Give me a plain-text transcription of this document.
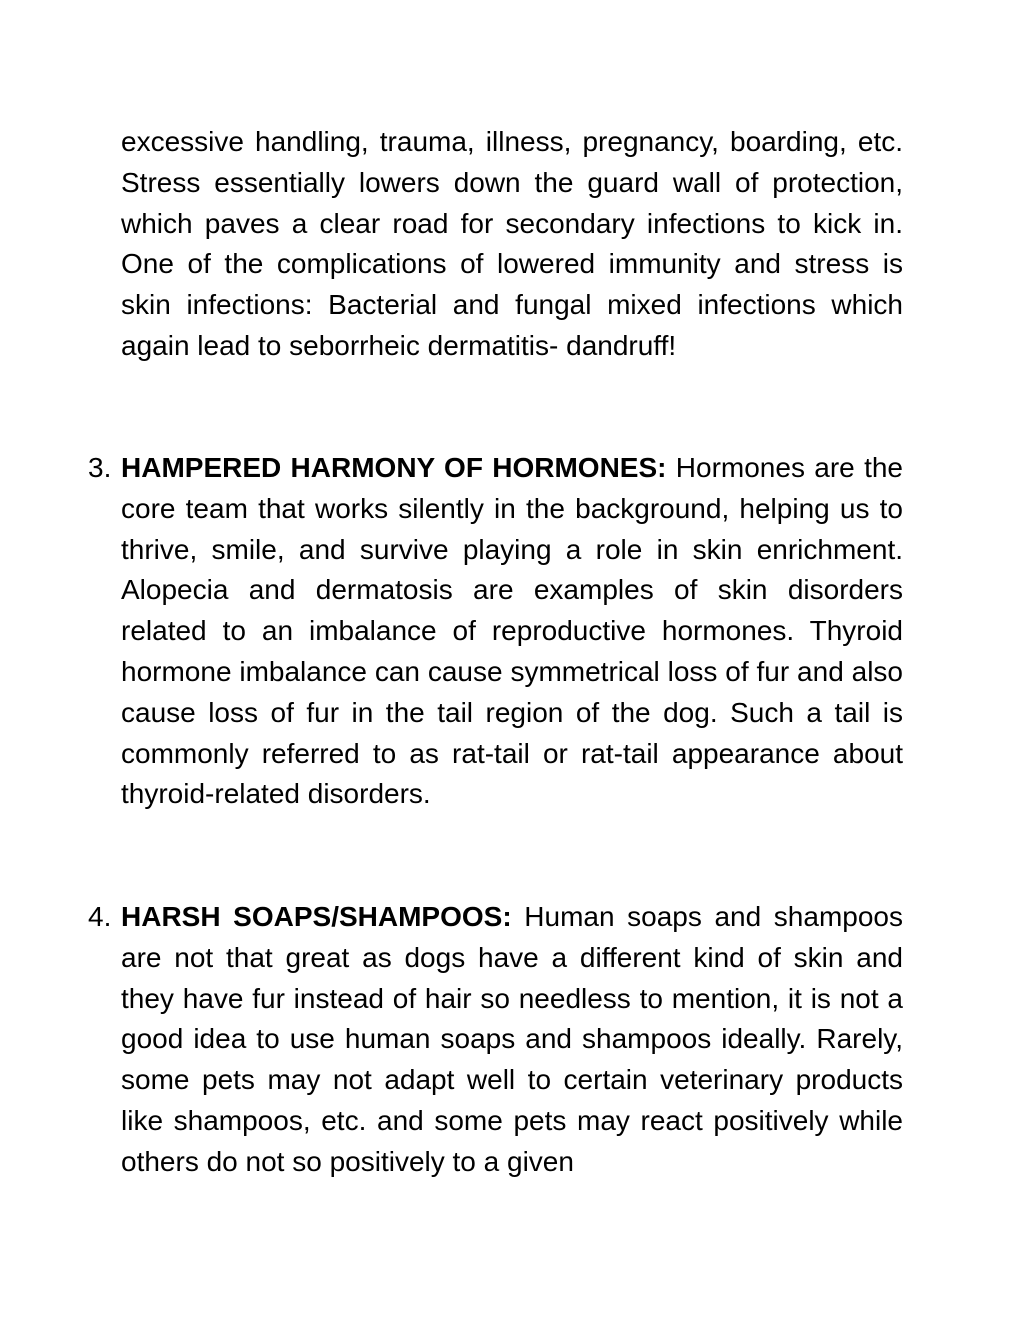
excessive handling, trauma, illness, pregnancy, boarding, etc. Stress essentially lowers down the guard wall of protection, which paves a clear road for secondary infections to kick in. One of the complications of lowered immunity and stress is skin infections: Bacterial and fungal mixed infections which again lead to seborrheic dermatitis- dandruff!

3. HAMPERED HARMONY OF HORMONES: Hormones are the core team that works silently in the background, helping us to thrive, smile, and survive playing a role in skin enrichment. Alopecia and dermatosis are examples of skin disorders related to an imbalance of reproductive hormones. Thyroid hormone imbalance can cause symmetrical loss of fur and also cause loss of fur in the tail region of the dog. Such a tail is commonly referred to as rat-tail or rat-tail appearance about thyroid-related disorders.

4. HARSH SOAPS/SHAMPOOS: Human soaps and shampoos are not that great as dogs have a different kind of skin and they have fur instead of hair so needless to mention, it is not a good idea to use human soaps and shampoos ideally. Rarely, some pets may not adapt well to certain veterinary products like shampoos, etc. and some pets may react positively while others do not so positively to a given
